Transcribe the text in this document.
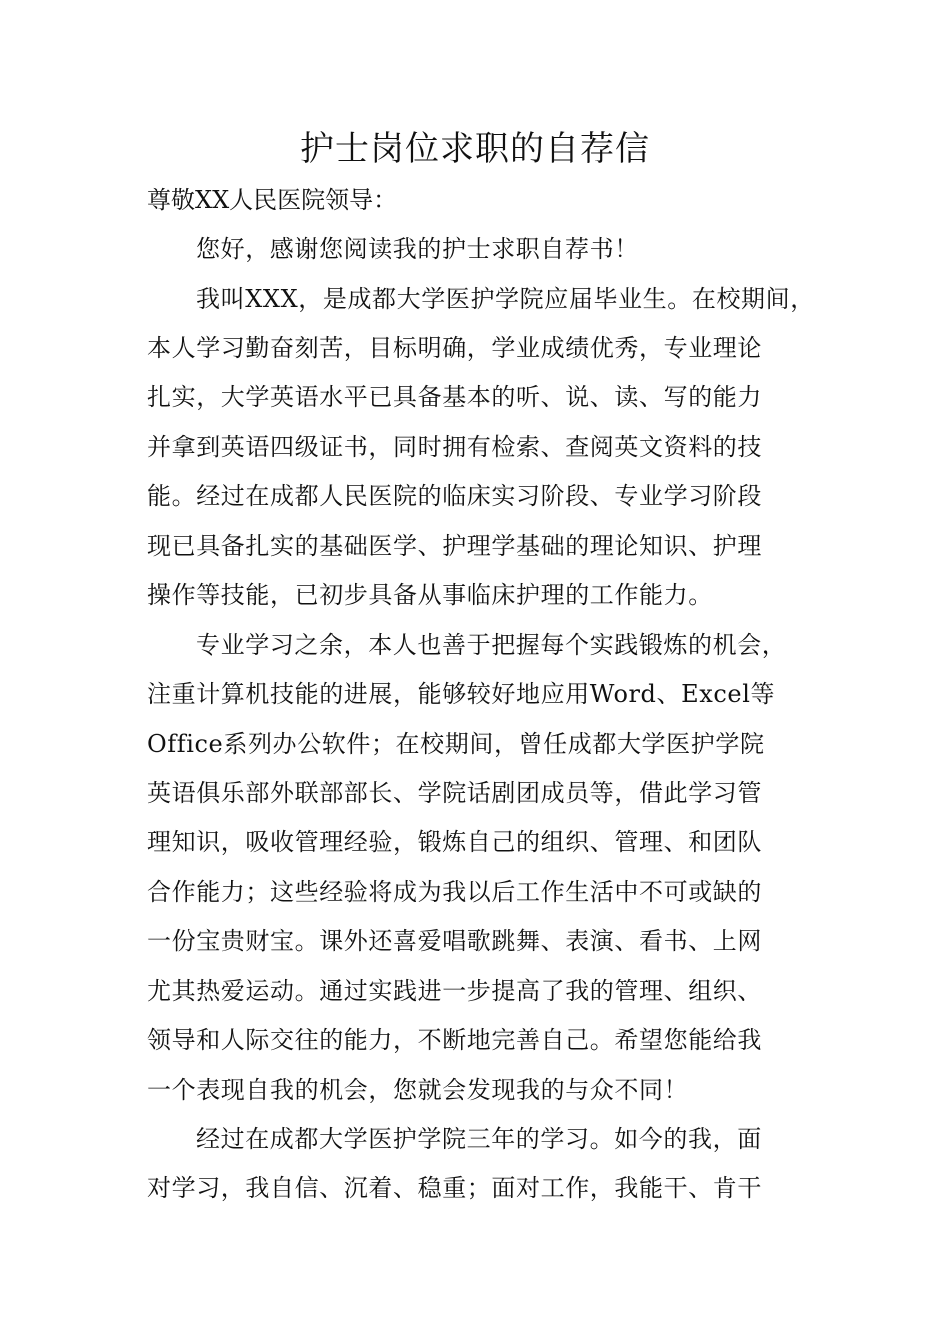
护士岗位求职的自荐信
尊敬XX人民医院领导：
您好，感谢您阅读我的护士求职自荐书！
我叫XXX，是成都大学医护学院应届毕业生。在校期间，
本人学习勤奋刻苦，目标明确，学业成绩优秀，专业理论
扎实，大学英语水平已具备基本的听、说、读、写的能力
并拿到英语四级证书，同时拥有检索、查阅英文资料的技
能。经过在成都人民医院的临床实习阶段、专业学习阶段
现已具备扎实的基础医学、护理学基础的理论知识、护理
操作等技能，已初步具备从事临床护理的工作能力。
专业学习之余，本人也善于把握每个实践锻炼的机会，
注重计算机技能的进展，能够较好地应用Word、Excel等
Office系列办公软件；在校期间，曾任成都大学医护学院
英语俱乐部外联部部长、学院话剧团成员等，借此学习管
理知识，吸收管理经验，锻炼自己的组织、管理、和团队
合作能力；这些经验将成为我以后工作生活中不可或缺的
一份宝贵财宝。课外还喜爱唱歌跳舞、表演、看书、上网
尤其热爱运动。通过实践进一步提高了我的管理、组织、
领导和人际交往的能力，不断地完善自己。希望您能给我
一个表现自我的机会，您就会发现我的与众不同！
经过在成都大学医护学院三年的学习。如今的我，面
对学习，我自信、沉着、稳重；面对工作，我能干、肯干
